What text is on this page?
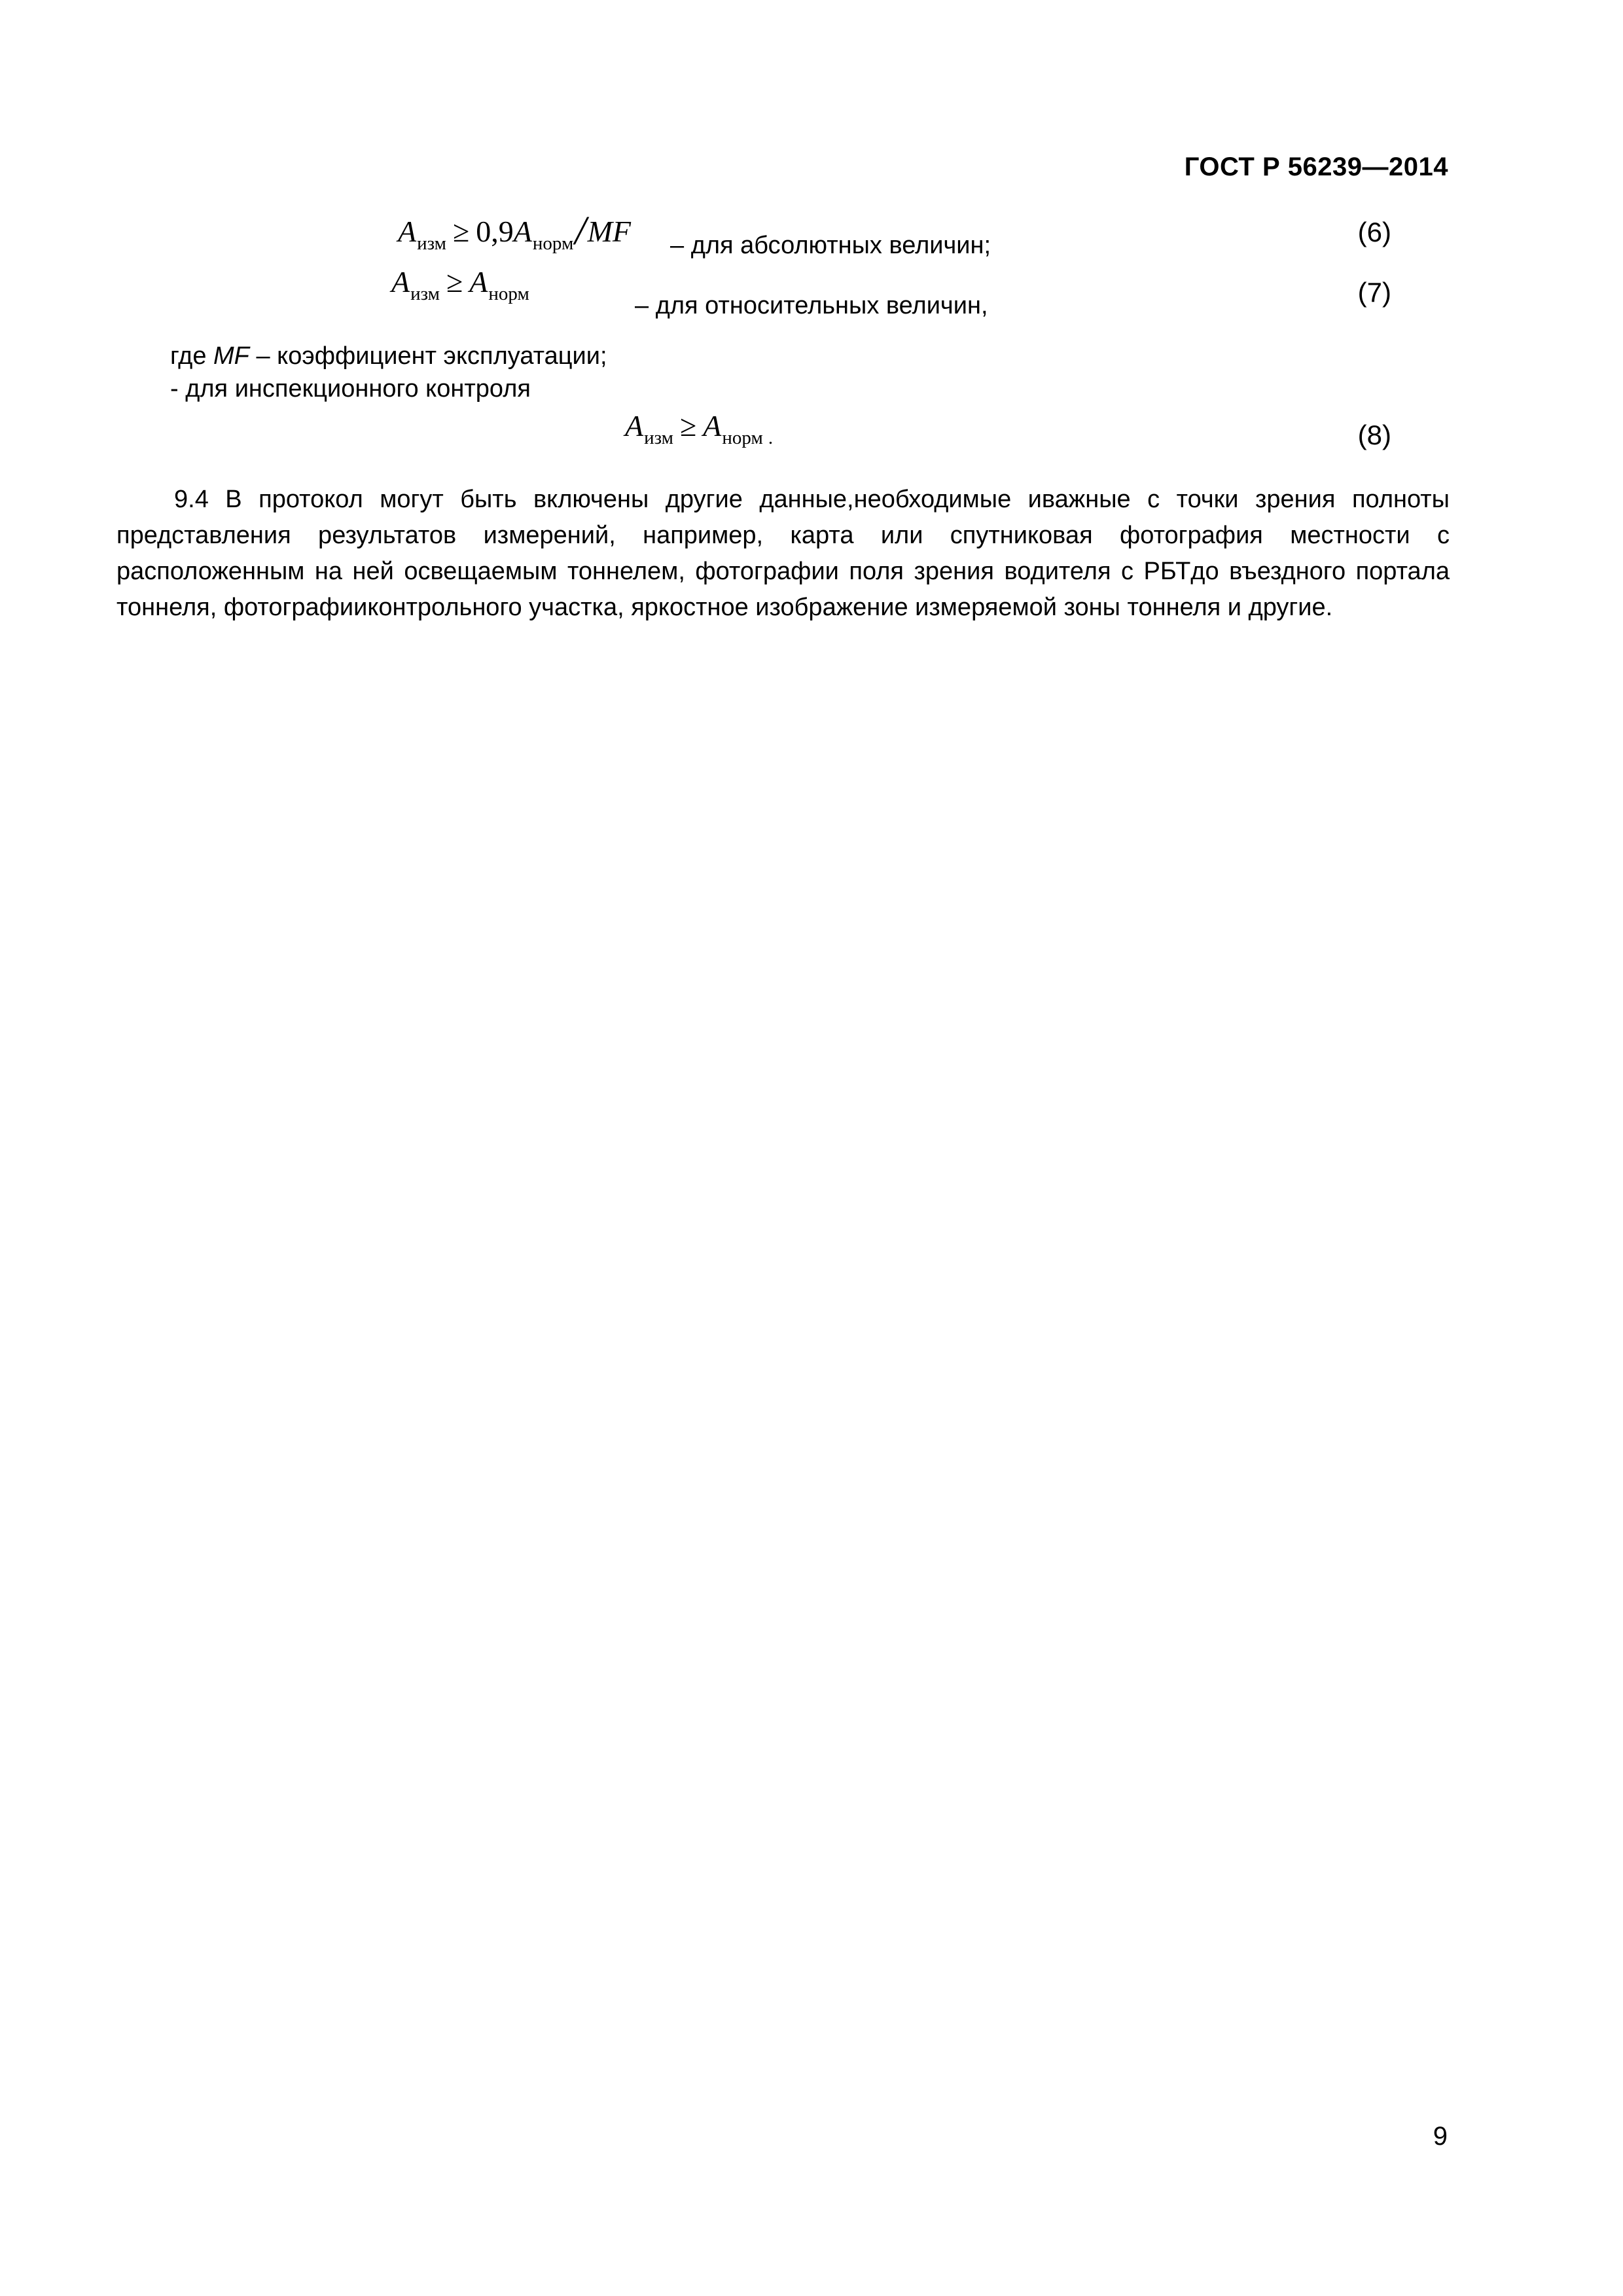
ГОСТ Р 56239—2014
$A_{изм} \ge 0,9A_{норм}/MF$ – для абсолютных величин;	(6)
$A_{изм} \ge A_{норм}$	– для относительных величин,	(7)
где MF – коэффициент эксплуатации;
- для инспекционного контроля
$A_{изм} \ge A_{норм}$ $_.$	(8)
9.4 В протокол могут быть включены другие данные,необходимые иважные с точки зрения полноты представления результатов измерений, например, карта или спутниковая фотография местности с расположенным на ней освещаемым тоннелем, фотографии поля зрения водителя с РБТдо въездного портала тоннеля, фотографииконтрольного участка, яркостное изображение измеряемой зоны тоннеля и другие.
9
